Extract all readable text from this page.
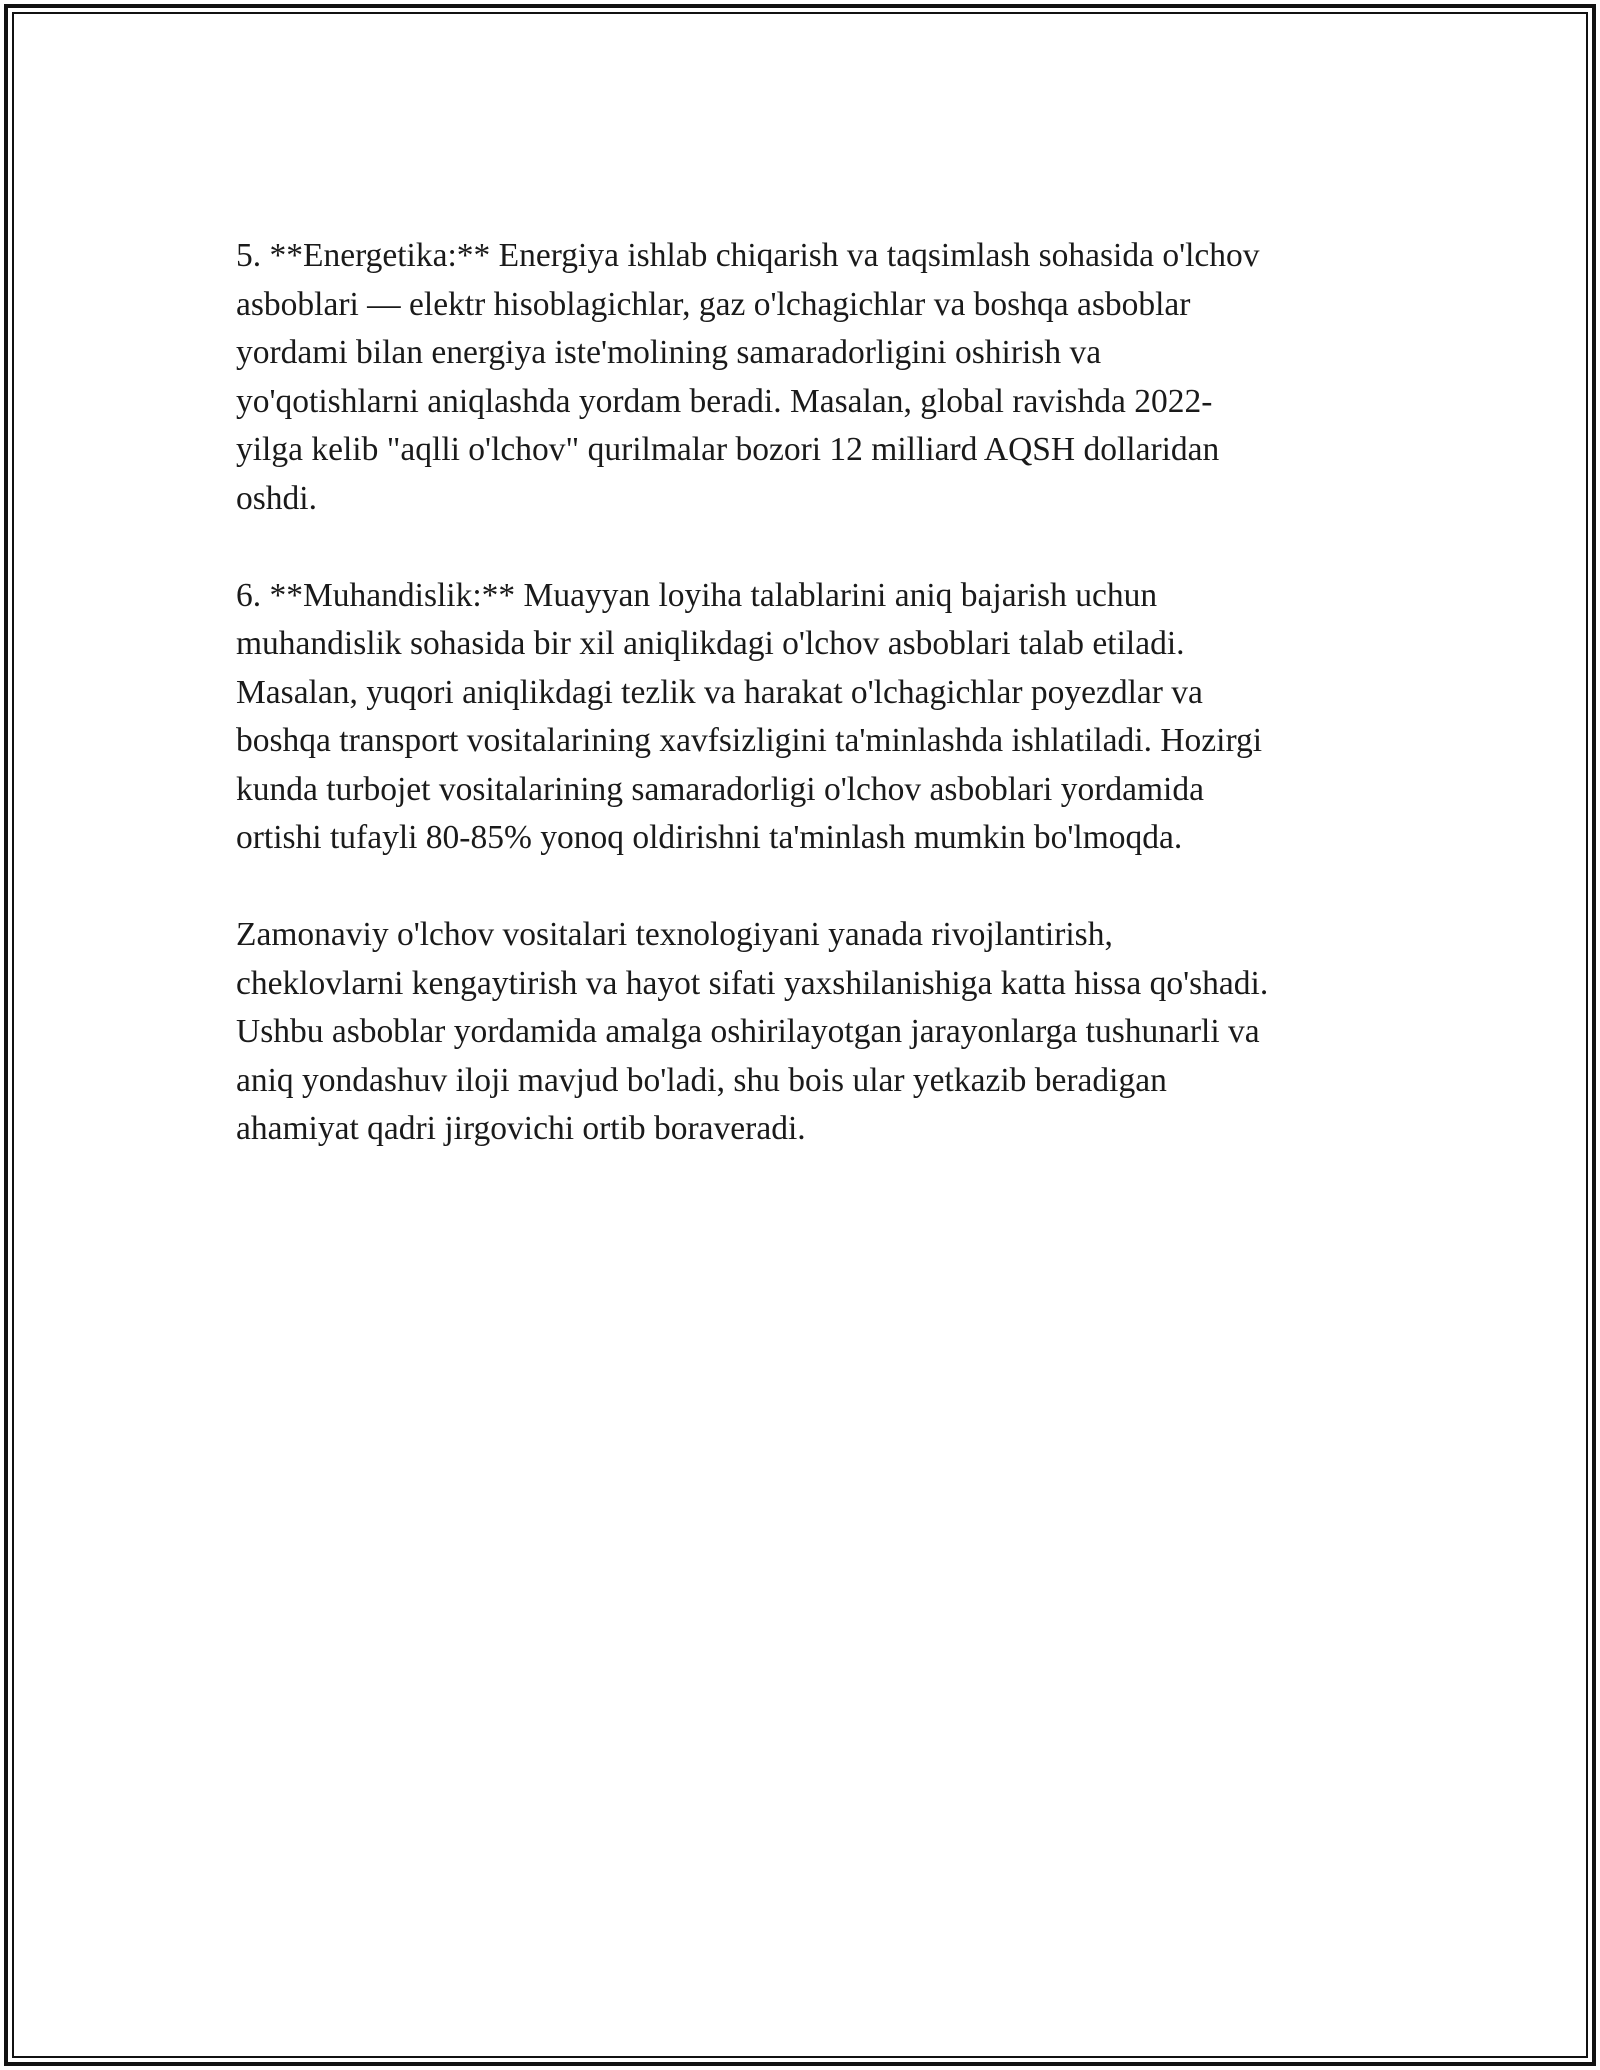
5. **Energetika:** Energiya ishlab chiqarish va taqsimlash sohasida o'lchov
asboblari — elektr hisoblagichlar, gaz o'lchagichlar va boshqa asboblar
yordami bilan energiya iste'molining samaradorligini oshirish va
yo'qotishlarni aniqlashda yordam beradi. Masalan, global ravishda 2022-
yilga kelib "aqlli o'lchov" qurilmalar bozori 12 milliard AQSH dollaridan
oshdi.

6. **Muhandislik:** Muayyan loyiha talablarini aniq bajarish uchun
muhandislik sohasida bir xil aniqlikdagi o'lchov asboblari talab etiladi.
Masalan, yuqori aniqlikdagi tezlik va harakat o'lchagichlar poyezdlar va
boshqa transport vositalarining xavfsizligini ta'minlashda ishlatiladi. Hozirgi
kunda turbojet vositalarining samaradorligi o'lchov asboblari yordamida
ortishi tufayli 80-85% yonoq oldirishni ta'minlash mumkin bo'lmoqda.

Zamonaviy o'lchov vositalari texnologiyani yanada rivojlantirish,
cheklovlarni kengaytirish va hayot sifati yaxshilanishiga katta hissa qo'shadi.
Ushbu asboblar yordamida amalga oshirilayotgan jarayonlarga tushunarli va
aniq yondashuv iloji mavjud bo'ladi, shu bois ular yetkazib beradigan
ahamiyat qadri jirgovichi ortib boraveradi.
